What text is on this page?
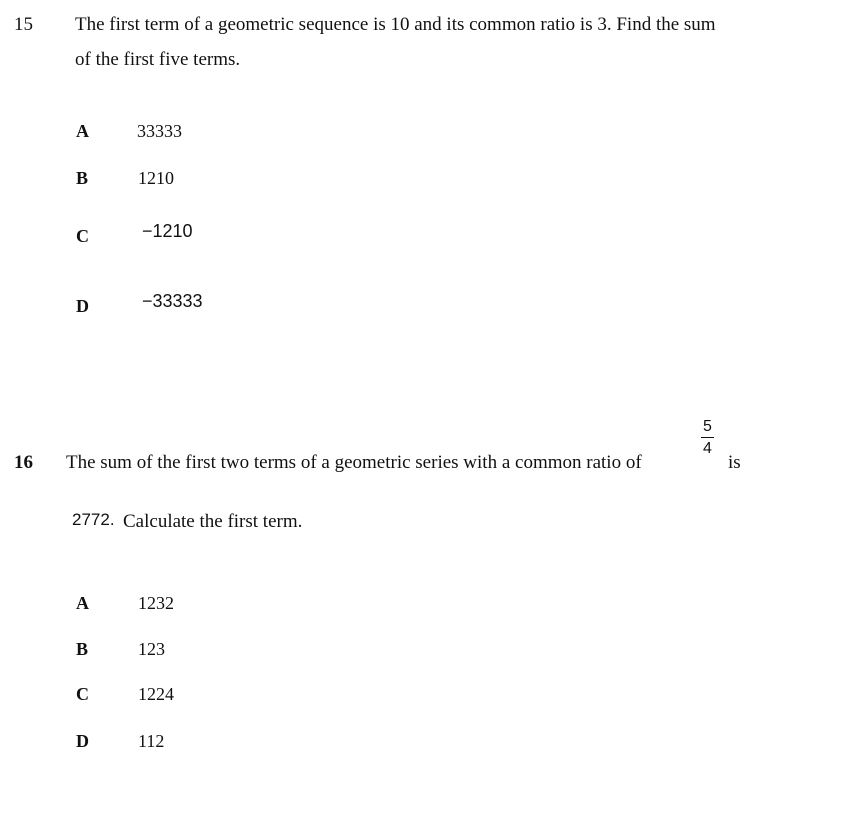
15 The first term of a geometric sequence is 10 and its common ratio is 3. Find the sum
of the first five terms.
A	33333
B	1210
C	−1210
D	−33333
16 The sum of the first two terms of a geometric series with a common ratio of
5
4
is
2772. Calculate the first term.
A	1232
B	123
C	1224
D	112
